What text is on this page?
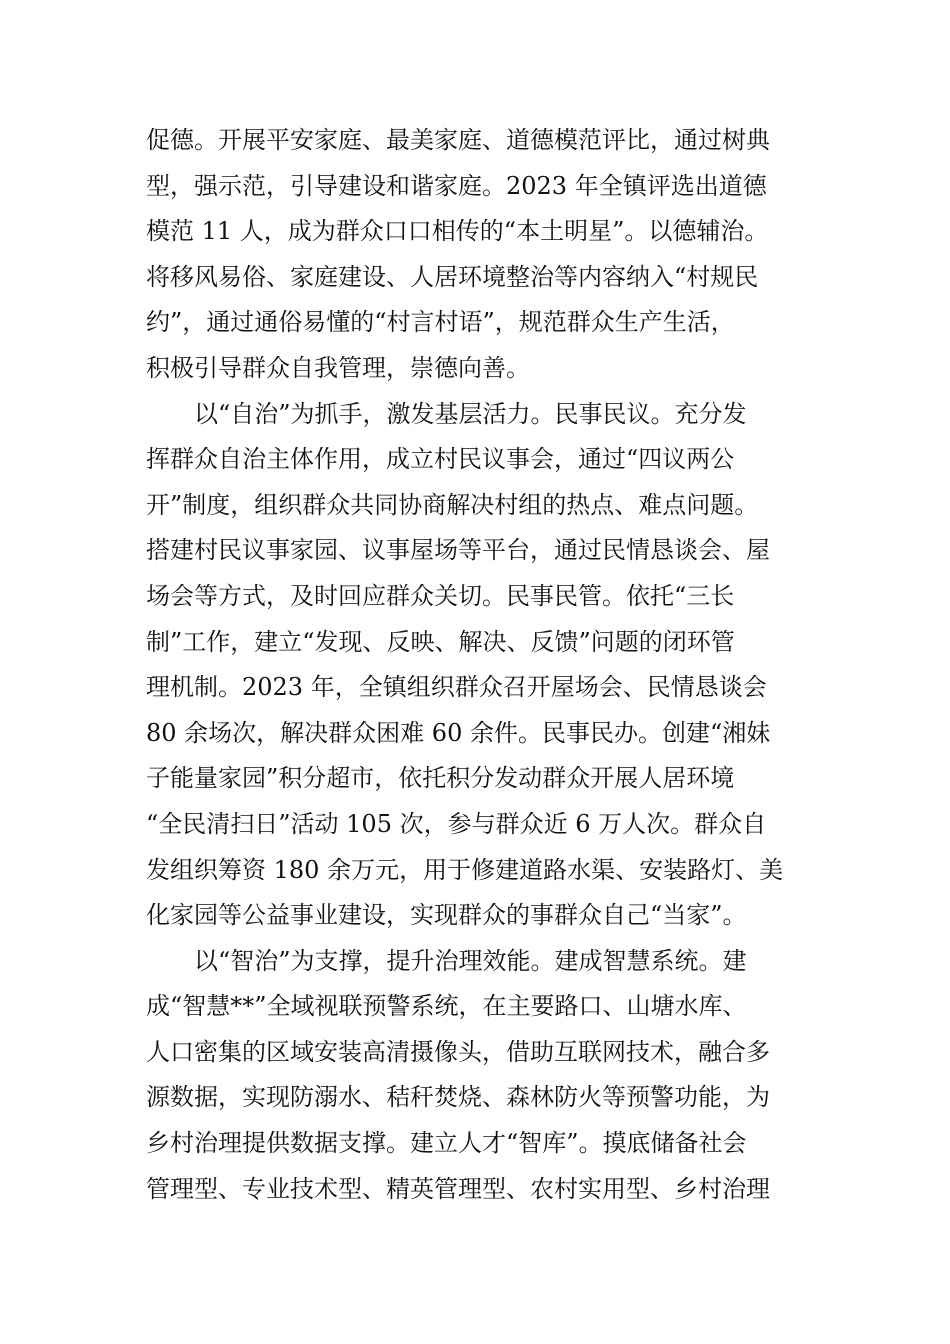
促德。开展平安家庭、最美家庭、道德模范评比，通过树典
型，强示范，引导建设和谐家庭。2023 年全镇评选出道德
模范 11 人，成为群众口口相传的“本土明星”。以德辅治。
将移风易俗、家庭建设、人居环境整治等内容纳入“村规民
约”，通过通俗易懂的“村言村语”，规范群众生产生活，
积极引导群众自我管理，崇德向善。
以“自治”为抓手，激发基层活力。民事民议。充分发
挥群众自治主体作用，成立村民议事会，通过“四议两公
开”制度，组织群众共同协商解决村组的热点、难点问题。
搭建村民议事家园、议事屋场等平台，通过民情恳谈会、屋
场会等方式，及时回应群众关切。民事民管。依托“三长
制”工作，建立“发现、反映、解决、反馈”问题的闭环管
理机制。2023 年，全镇组织群众召开屋场会、民情恳谈会
80 余场次，解决群众困难 60 余件。民事民办。创建“湘妹
子能量家园”积分超市，依托积分发动群众开展人居环境
“全民清扫日”活动 105 次，参与群众近 6 万人次。群众自
发组织筹资 180 余万元，用于修建道路水渠、安装路灯、美
化家园等公益事业建设，实现群众的事群众自己“当家”。
以“智治”为支撑，提升治理效能。建成智慧系统。建
成“智慧**”全域视联预警系统，在主要路口、山塘水库、
人口密集的区域安装高清摄像头，借助互联网技术，融合多
源数据，实现防溺水、秸秆焚烧、森林防火等预警功能，为
乡村治理提供数据支撑。建立人才“智库”。摸底储备社会
管理型、专业技术型、精英管理型、农村实用型、乡村治理
